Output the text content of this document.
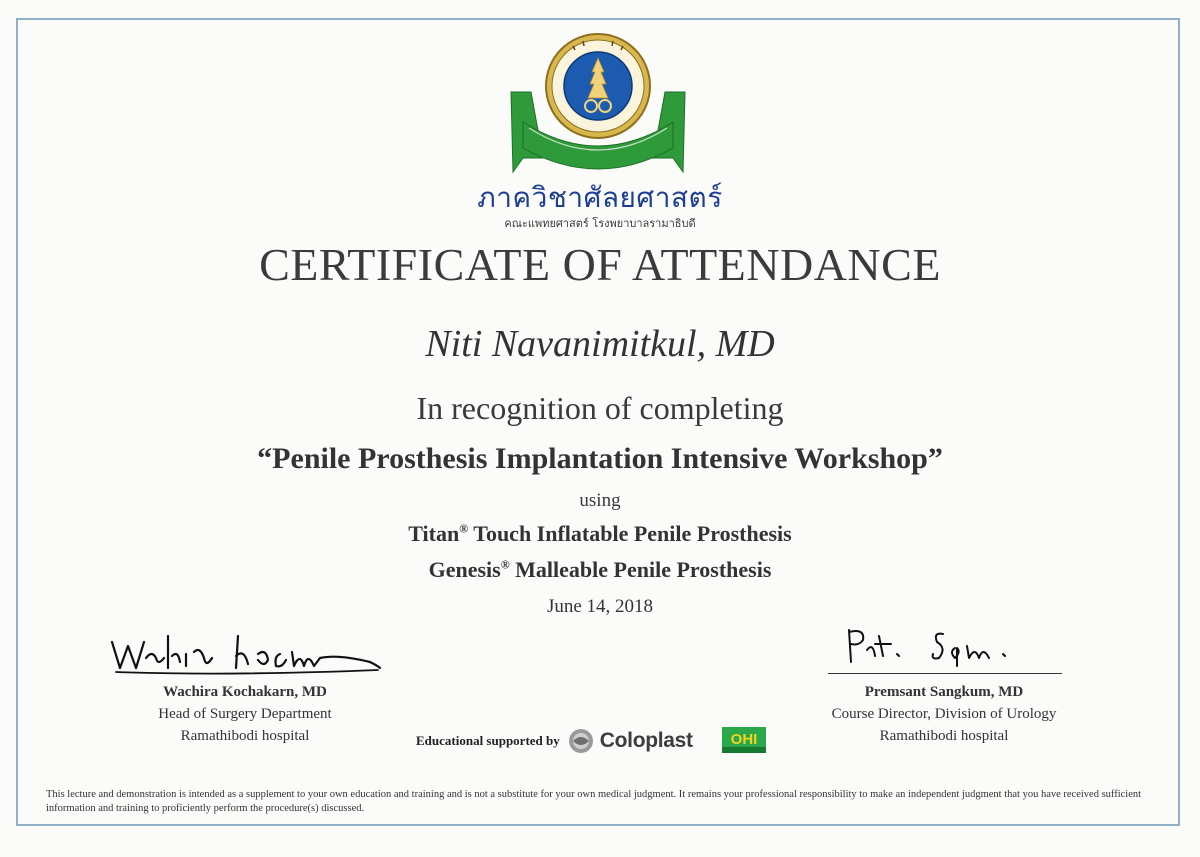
ภาควิชาศัลยศาสตร์
คณะแพทยศาสตร์ โรงพยาบาลรามาธิบดี
CERTIFICATE OF ATTENDANCE
Niti Navanimitkul, MD
In recognition of completing
“Penile Prosthesis Implantation Intensive Workshop”
using
Titan® Touch Inflatable Penile Prosthesis
Genesis® Malleable Penile Prosthesis
June 14, 2018
Wachira Kochakarn, MD
Head of Surgery Department
Ramathibodi hospital
Premsant Sangkum, MD
Course Director, Division of Urology
Ramathibodi hospital
Educational supported by Coloplast	OHI
This lecture and demonstration is intended as a supplement to your own education and training and is not a substitute for your own medical judgment. It remains your professional responsibility to make an independent judgment that you have received sufficient information and training to proficiently perform the procedure(s) discussed.
